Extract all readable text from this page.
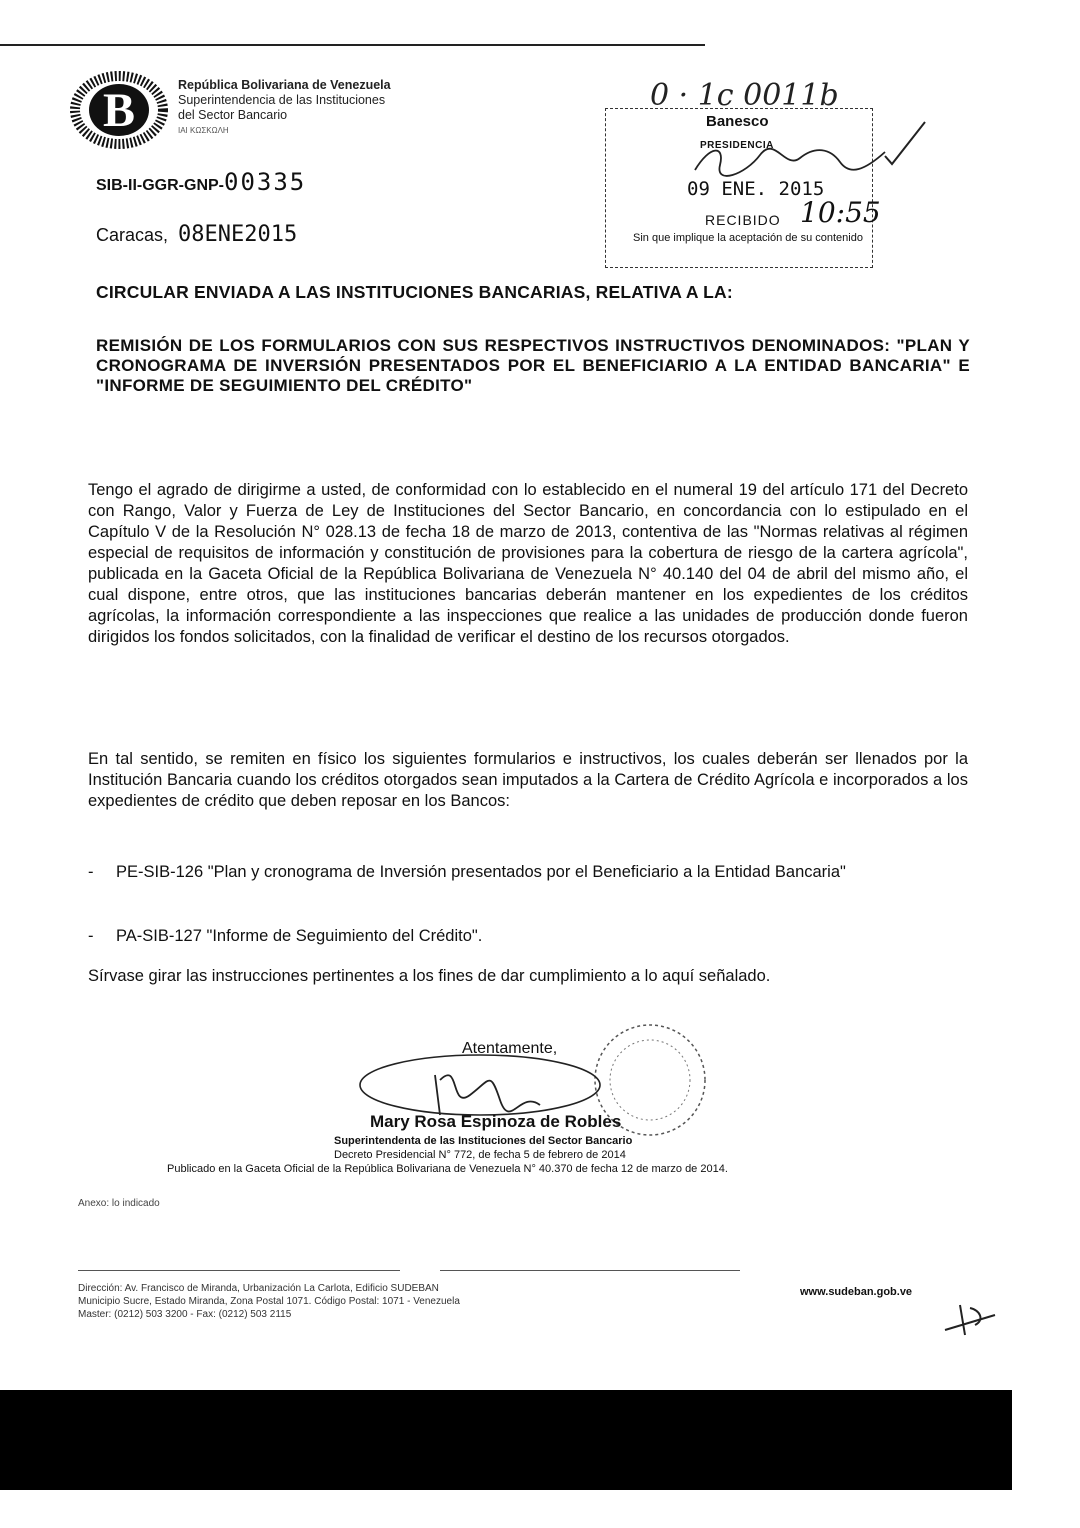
B	República Bolivariana de Venezuela
Superintendencia de las Instituciones
del Sector Bancario
ΙΑΙ ΚΩΣΚΩΛΗ
SIB-II-GGR-GNP-00335
Caracas, 08ENE2015
0 · 1c 0011b
Banesco
PRESIDENCIA
09 ENE. 2015
RECIBIDO 10:55
Sin que implique la aceptación de su contenido
CIRCULAR ENVIADA A LAS INSTITUCIONES BANCARIAS, RELATIVA A LA:
REMISIÓN DE LOS FORMULARIOS CON SUS RESPECTIVOS INSTRUCTIVOS DENOMINADOS: "PLAN Y CRONOGRAMA DE INVERSIÓN PRESENTADOS POR EL BENEFICIARIO A LA ENTIDAD BANCARIA" E "INFORME DE SEGUIMIENTO DEL CRÉDITO"
Tengo el agrado de dirigirme a usted, de conformidad con lo establecido en el numeral 19 del artículo 171 del Decreto con Rango, Valor y Fuerza de Ley de Instituciones del Sector Bancario, en concordancia con lo estipulado en el Capítulo V de la Resolución N° 028.13 de fecha 18 de marzo de 2013, contentiva de las "Normas relativas al régimen especial de requisitos de información y constitución de provisiones para la cobertura de riesgo de la cartera agrícola", publicada en la Gaceta Oficial de la República Bolivariana de Venezuela N° 40.140 del 04 de abril del mismo año, el cual dispone, entre otros, que las instituciones bancarias deberán mantener en los expedientes de los créditos agrícolas, la información correspondiente a las inspecciones que realice a las unidades de producción donde fueron dirigidos los fondos solicitados, con la finalidad de verificar el destino de los recursos otorgados.
En tal sentido, se remiten en físico los siguientes formularios e instructivos, los cuales deberán ser llenados por la Institución Bancaria cuando los créditos otorgados sean imputados a la Cartera de Crédito Agrícola e incorporados a los expedientes de crédito que deben reposar en los Bancos:
- PE-SIB-126 "Plan y cronograma de Inversión presentados por el Beneficiario a la Entidad Bancaria"
- PA-SIB-127 "Informe de Seguimiento del Crédito".
Sírvase girar las instrucciones pertinentes a los fines de dar cumplimiento a lo aquí señalado.
Atentamente,
Mary Rosa Espinoza de Robles
Superintendenta de las Instituciones del Sector Bancario
Decreto Presidencial N° 772, de fecha 5 de febrero de 2014
Publicado en la Gaceta Oficial de la República Bolivariana de Venezuela N° 40.370 de fecha 12 de marzo de 2014.
Anexo: lo indicado
Dirección: Av. Francisco de Miranda, Urbanización La Carlota, Edificio SUDEBAN
Municipio Sucre, Estado Miranda, Zona Postal 1071. Código Postal: 1071 - Venezuela
Master: (0212) 503 3200 - Fax: (0212) 503 2115
www.sudeban.gob.ve
